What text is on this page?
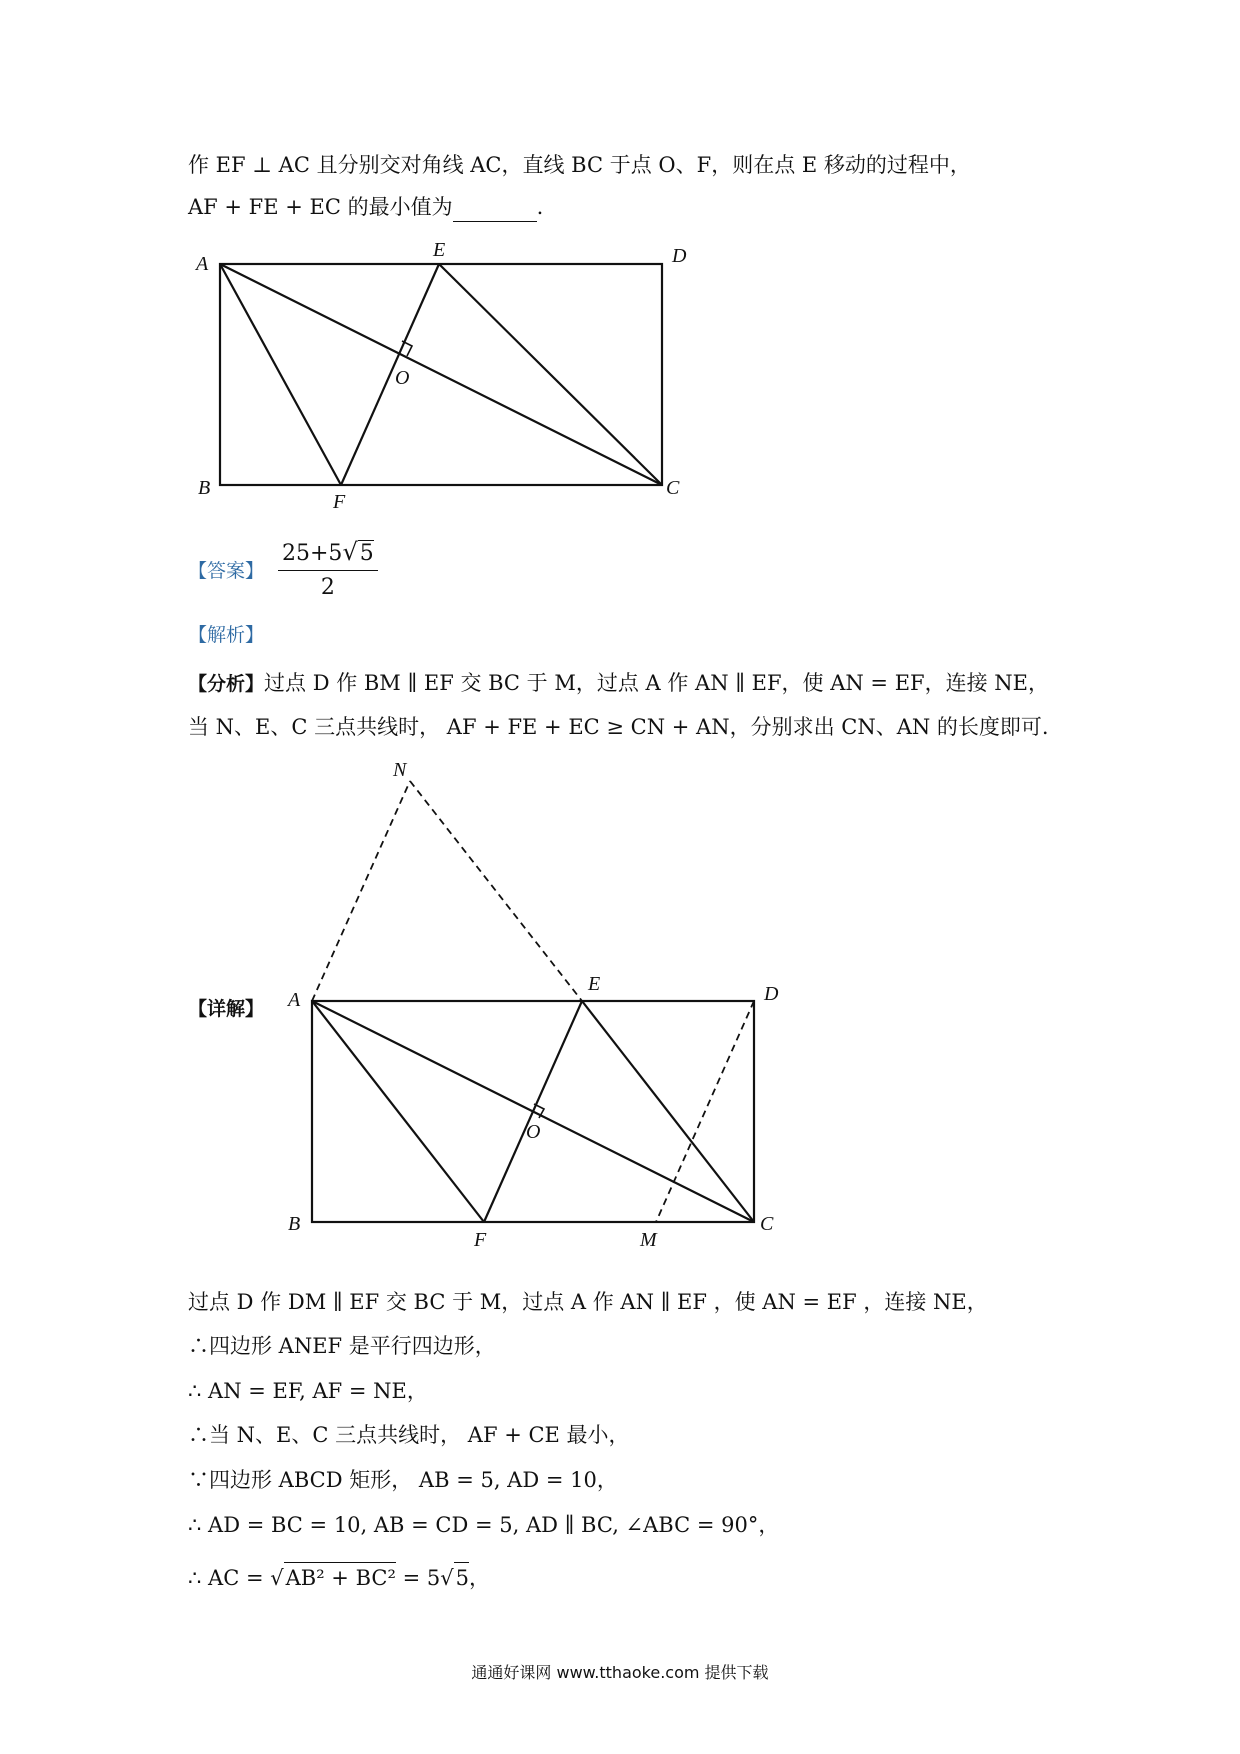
作 EF ⊥ AC 且分别交对角线 AC，直线 BC 于点 O、F，则在点 E 移动的过程中，
AF + FE + EC 的最小值为	.
A
E	D
O
B
F
C
【答案】 $\frac{25+5√5}{2}$
【解析】
【分析】过点 D 作 BM ∥ EF 交 BC 于 M，过点 A 作 AN ∥ EF，使 AN = EF，连接 NE，
当 N、E、C 三点共线时， AF + FE + EC ≥ CN + AN，分别求出 CN、AN 的长度即可.
【详解】
N
A
E	D
O
B
F	M
C
过点 D 作 DM ∥ EF 交 BC 于 M，过点 A 作 AN ∥ EF ，使 AN = EF ，连接 NE，
∴四边形 ANEF 是平行四边形，
∴ AN = EF, AF = NE，
∴当 N、E、C 三点共线时， AF + CE 最小，
∵四边形 ABCD 矩形， AB = 5, AD = 10，
∴ AD = BC = 10, AB = CD = 5, AD ∥ BC, ∠ABC = 90°，
∴ AC = √AB² + BC² = 5√5，
通通好课网 www.tthaoke.com 提供下载
